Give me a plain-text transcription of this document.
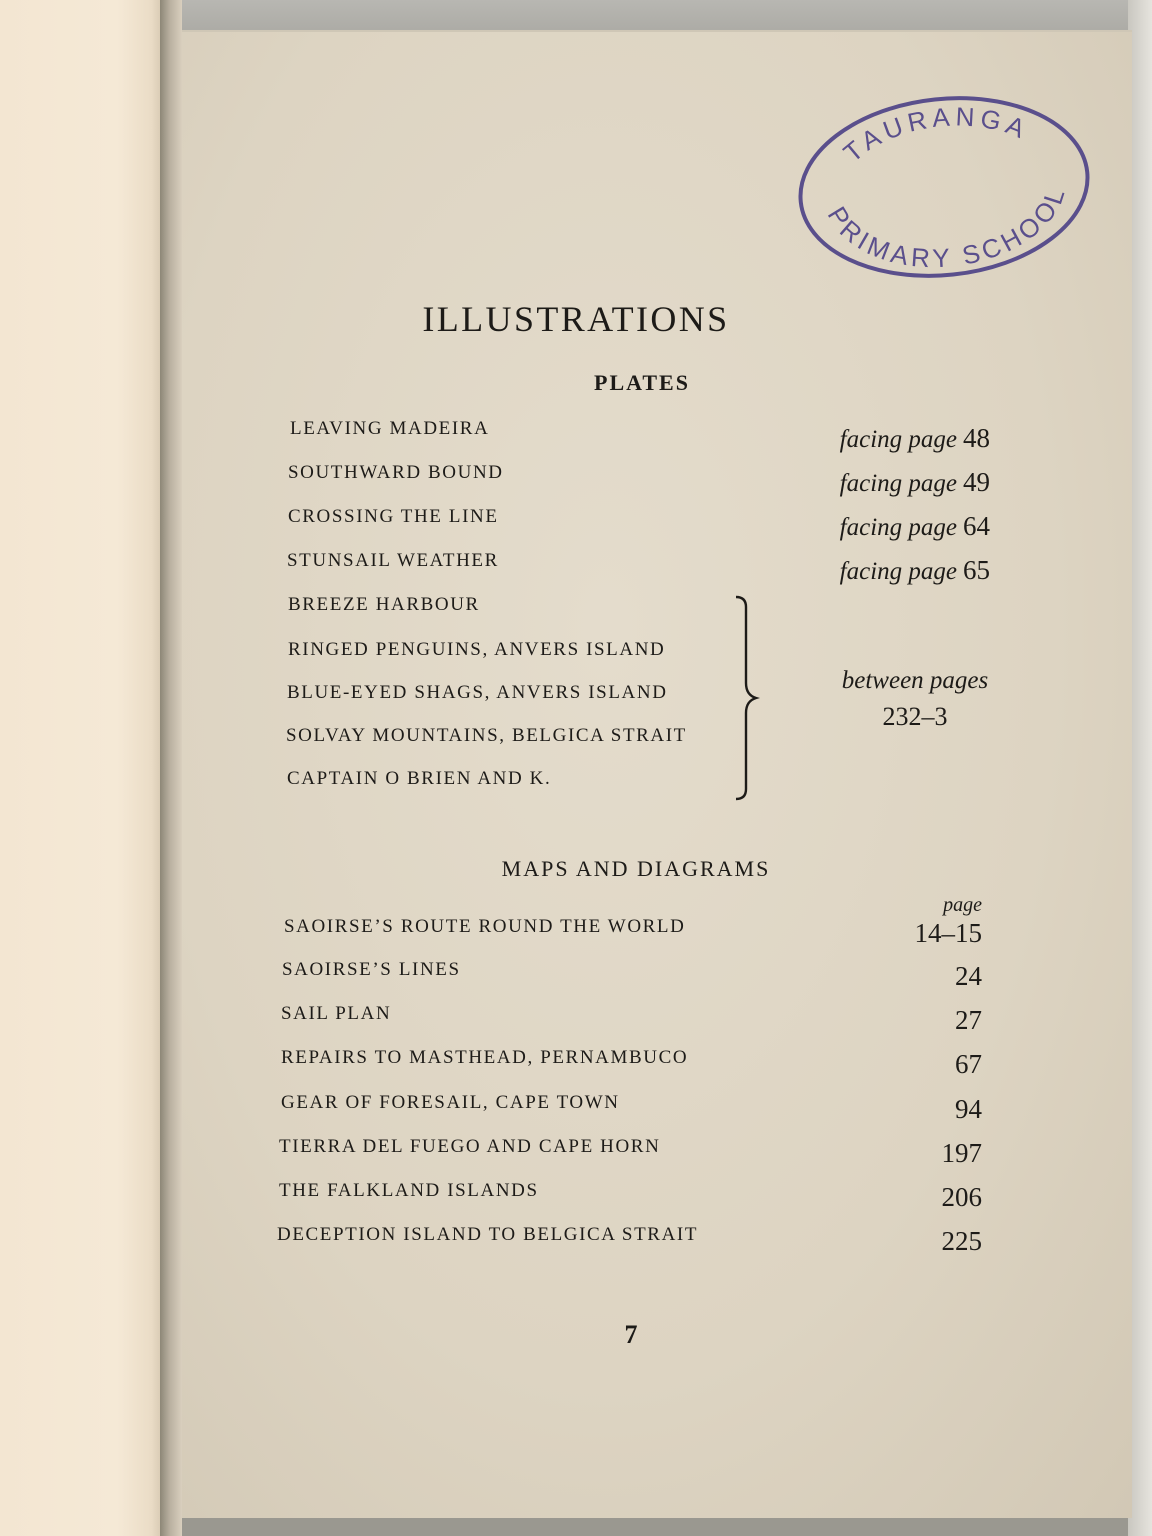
TAURANGA
PRIMARY SCHOOL
ILLUSTRATIONS
PLATES
LEAVING MADEIRA	facing page 48
SOUTHWARD BOUND	facing page 49
CROSSING THE LINE	facing page 64
STUNSAIL WEATHER	facing page 65
BREEZE HARBOUR
RINGED PENGUINS, ANVERS ISLAND
BLUE-EYED SHAGS, ANVERS ISLAND
SOLVAY MOUNTAINS, BELGICA STRAIT
CAPTAIN O BRIEN AND K.
between pages
232–3
MAPS AND DIAGRAMS
page
SAOIRSE’S ROUTE ROUND THE WORLD	14–15
SAOIRSE’S LINES	24
SAIL PLAN	27
REPAIRS TO MASTHEAD, PERNAMBUCO	67
GEAR OF FORESAIL, CAPE TOWN	94
TIERRA DEL FUEGO AND CAPE HORN	197
THE FALKLAND ISLANDS	206
DECEPTION ISLAND TO BELGICA STRAIT	225
7
